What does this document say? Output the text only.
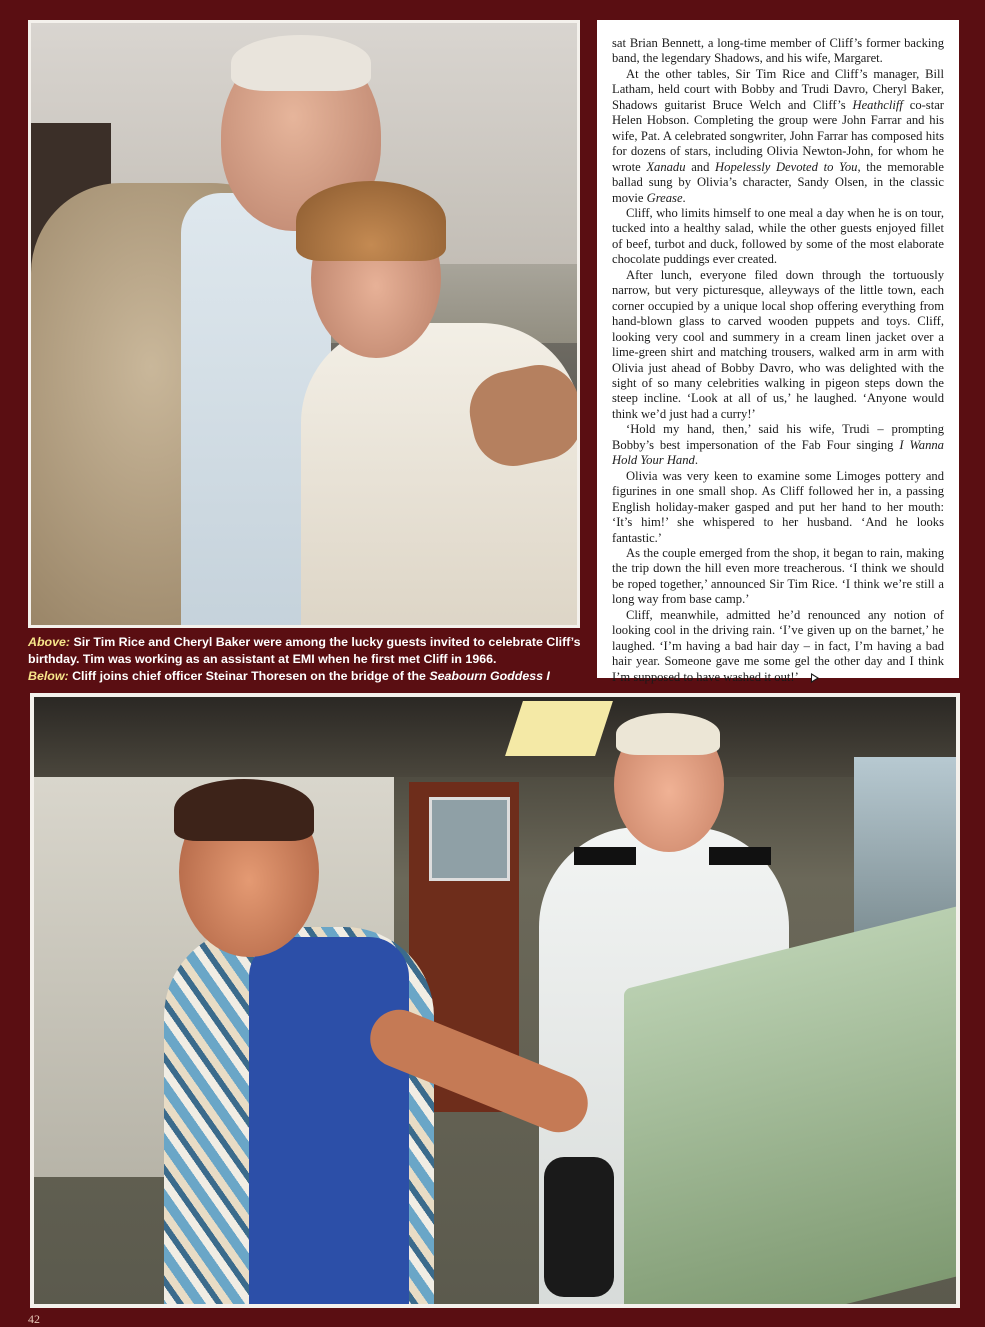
sat Brian Bennett, a long-time member of Cliff’s former backing band, the legendary Shadows, and his wife, Margaret.

At the other tables, Sir Tim Rice and Cliff’s manager, Bill Latham, held court with Bobby and Trudi Davro, Cheryl Baker, Shadows guitarist Bruce Welch and Cliff’s Heathcliff co-star Helen Hobson. Completing the group were John Farrar and his wife, Pat. A celebrated songwriter, John Farrar has composed hits for dozens of stars, including Olivia Newton-John, for whom he wrote Xanadu and Hopelessly Devoted to You, the memorable ballad sung by Olivia’s character, Sandy Olsen, in the classic movie Grease.

Cliff, who limits himself to one meal a day when he is on tour, tucked into a healthy salad, while the other guests enjoyed fillet of beef, turbot and duck, followed by some of the most elaborate chocolate puddings ever created.

After lunch, everyone filed down through the tortuously narrow, but very picturesque, alleyways of the little town, each corner occupied by a unique local shop offering everything from hand-blown glass to carved wooden puppets and toys. Cliff, looking very cool and summery in a cream linen jacket over a lime-green shirt and matching trousers, walked arm in arm with Olivia just ahead of Bobby Davro, who was delighted with the sight of so many celebrities walking in pigeon steps down the steep incline. ‘Look at all of us,’ he laughed. ‘Anyone would think we’d just had a curry!’

‘Hold my hand, then,’ said his wife, Trudi – prompting Bobby’s best impersonation of the Fab Four singing I Wanna Hold Your Hand.

Olivia was very keen to examine some Limoges pottery and figurines in one small shop. As Cliff followed her in, a passing English holiday-maker gasped and put her hand to her mouth: ‘It’s him!’ she whispered to her husband. ‘And he looks fantastic.’

As the couple emerged from the shop, it began to rain, making the trip down the hill even more treacherous. ‘I think we should be roped together,’ announced Sir Tim Rice. ‘I think we’re still a long way from base camp.’

Cliff, meanwhile, admitted he’d renounced any notion of looking cool in the driving rain. ‘I’ve given up on the barnet,’ he laughed. ‘I’m having a bad hair day – in fact, I’m having a bad hair year. Someone gave me some gel the other day and I think I’m supposed to have washed it out!’

Above: Sir Tim Rice and Cheryl Baker were among the lucky guests invited to celebrate Cliff’s birthday. Tim was working as an assistant at EMI when he first met Cliff in 1966.
Below: Cliff joins chief officer Steinar Thoresen on the bridge of the Seabourn Goddess I
42
